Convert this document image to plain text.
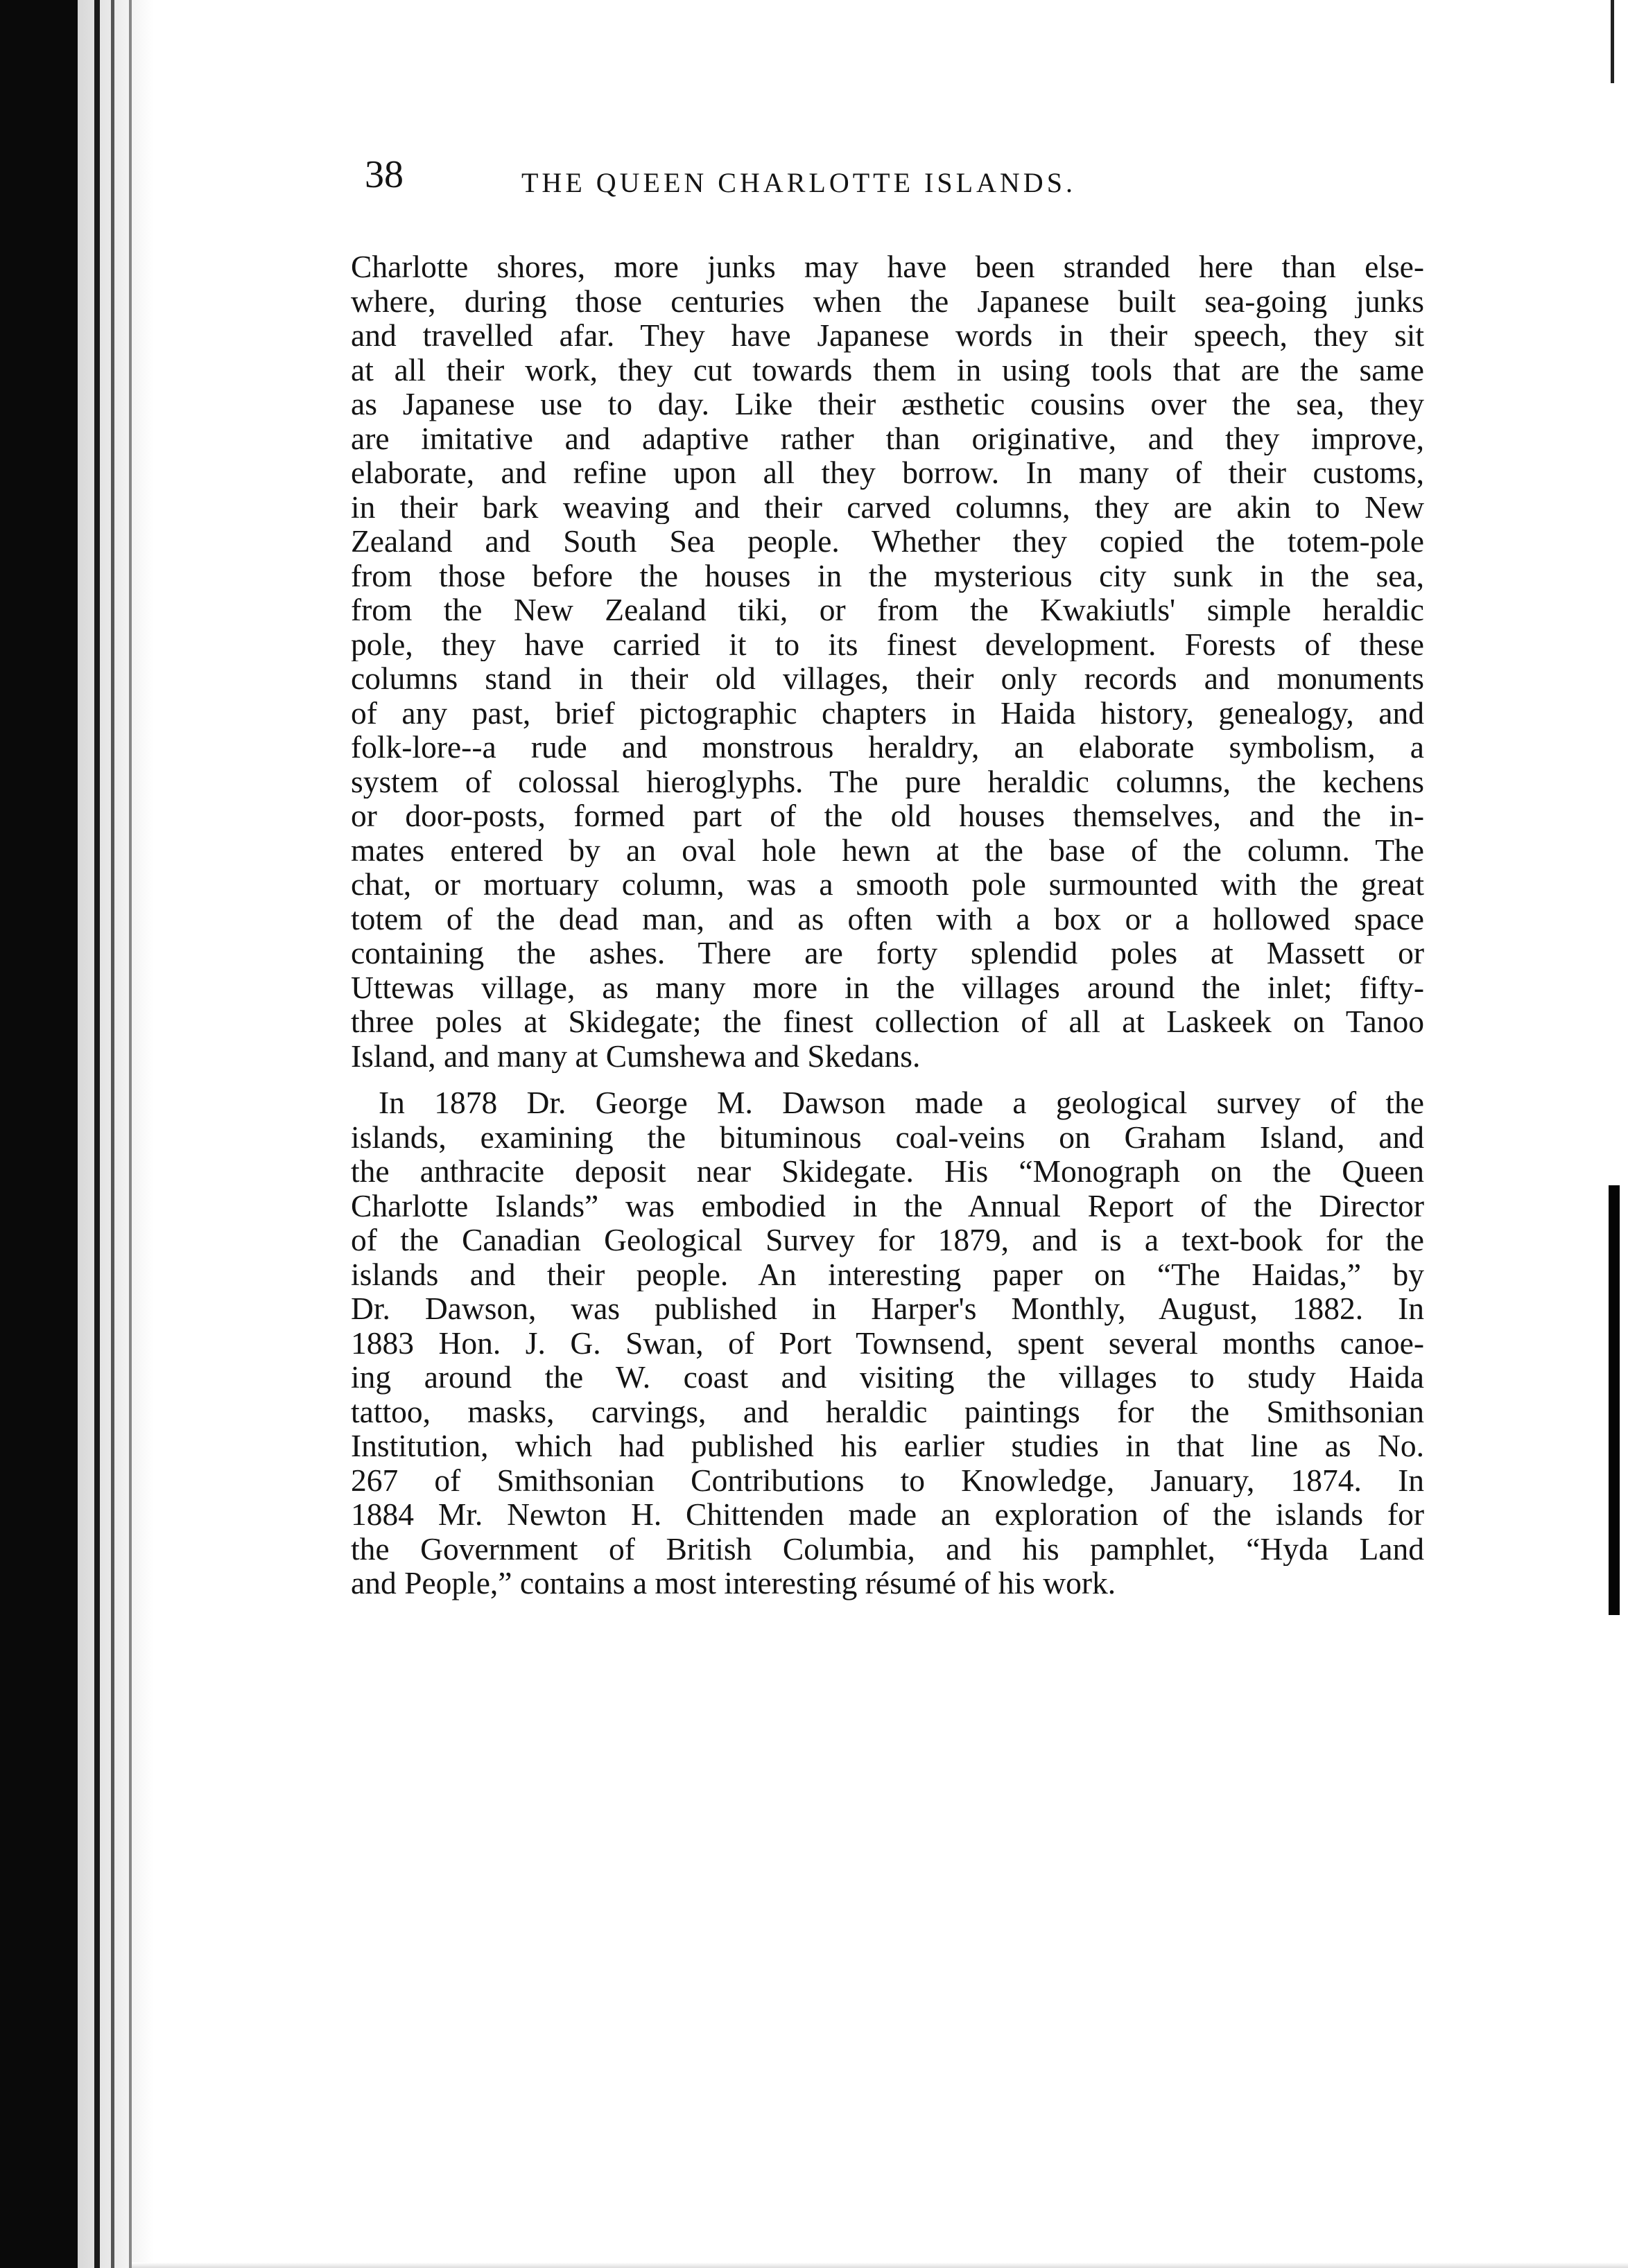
38	THE QUEEN CHARLOTTE ISLANDS.
Charlotte shores, more junks may have been stranded here than else-
where, during those centuries when the Japanese built sea-going junks
and travelled afar. They have Japanese words in their speech, they sit
at all their work, they cut towards them in using tools that are the same
as Japanese use to day. Like their æsthetic cousins over the sea, they
are imitative and adaptive rather than originative, and they improve,
elaborate, and refine upon all they borrow. In many of their customs,
in their bark weaving and their carved columns, they are akin to New
Zealand and South Sea people. Whether they copied the totem-pole
from those before the houses in the mysterious city sunk in the sea,
from the New Zealand tiki, or from the Kwakiutls' simple heraldic
pole, they have carried it to its finest development. Forests of these
columns stand in their old villages, their only records and monuments
of any past, brief pictographic chapters in Haida history, genealogy, and
folk-lore--a rude and monstrous heraldry, an elaborate symbolism, a
system of colossal hieroglyphs. The pure heraldic columns, the kechens
or door-posts, formed part of the old houses themselves, and the in-
mates entered by an oval hole hewn at the base of the column. The
chat, or mortuary column, was a smooth pole surmounted with the great
totem of the dead man, and as often with a box or a hollowed space
containing the ashes. There are forty splendid poles at Massett or
Uttewas village, as many more in the villages around the inlet; fifty-
three poles at Skidegate; the finest collection of all at Laskeek on Tanoo
Island, and many at Cumshewa and Skedans.
In 1878 Dr. George M. Dawson made a geological survey of the
islands, examining the bituminous coal-veins on Graham Island, and
the anthracite deposit near Skidegate. His “Monograph on the Queen
Charlotte Islands” was embodied in the Annual Report of the Director
of the Canadian Geological Survey for 1879, and is a text-book for the
islands and their people. An interesting paper on “The Haidas,” by
Dr. Dawson, was published in Harper's Monthly, August, 1882. In
1883 Hon. J. G. Swan, of Port Townsend, spent several months canoe-
ing around the W. coast and visiting the villages to study Haida
tattoo, masks, carvings, and heraldic paintings for the Smithsonian
Institution, which had published his earlier studies in that line as No.
267 of Smithsonian Contributions to Knowledge, January, 1874. In
1884 Mr. Newton H. Chittenden made an exploration of the islands for
the Government of British Columbia, and his pamphlet, “Hyda Land
and People,” contains a most interesting résumé of his work.
